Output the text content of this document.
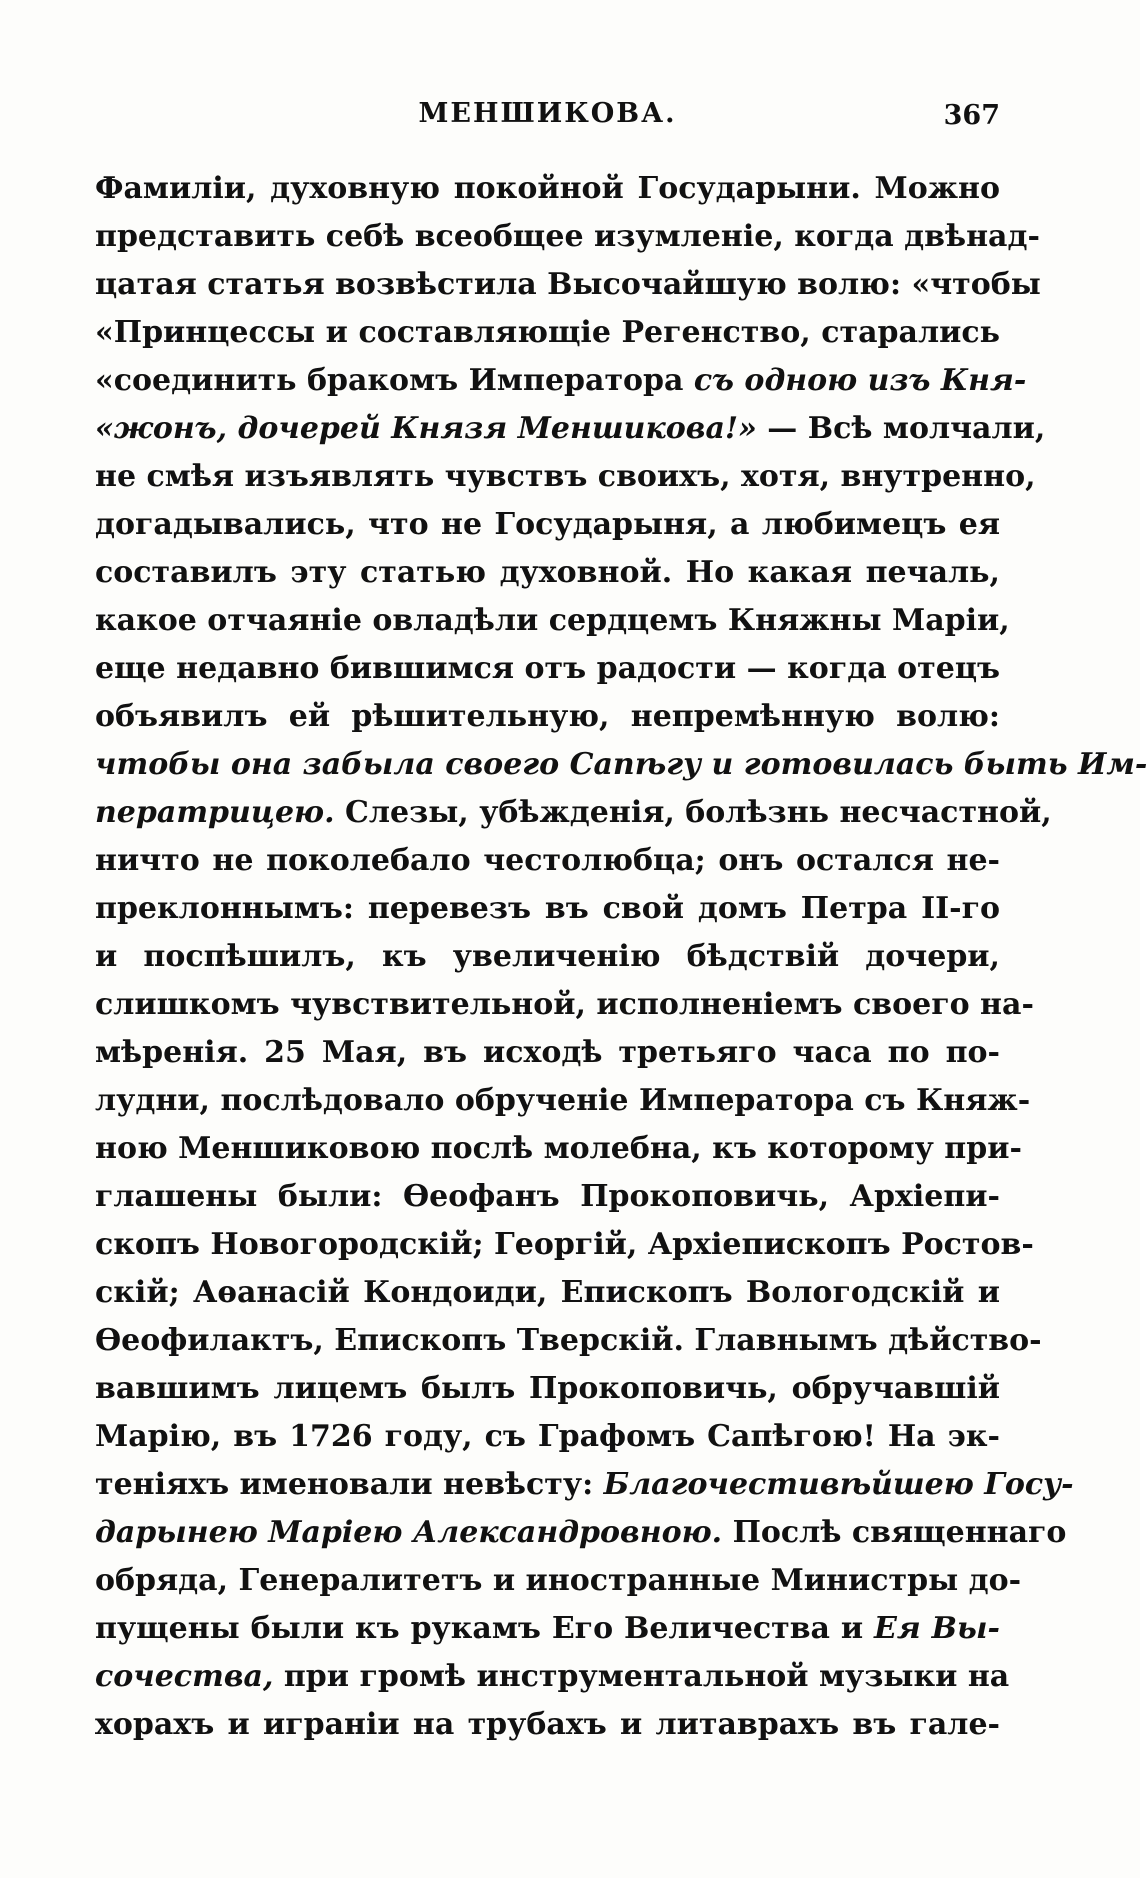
МЕНШИКОВА.	367
Фамиліи, духовную покойной Государыни. Можно
представить себѣ всеобщее изумленіе, когда двѣнад-
цатая статья возвѣстила Высочайшую волю: «чтобы
«Принцессы и составляющіе Регенство, старались
«соединить бракомъ Императора съ одною изъ Кня-
«жонъ, дочерей Князя Меншикова!» — Всѣ молчали,
не смѣя изъявлять чувствъ своихъ, хотя, внутренно,
догадывались, что не Государыня, а любимецъ ея
составилъ эту статью духовной. Но какая печаль,
какое отчаяніе овладѣли сердцемъ Княжны Маріи,
еще недавно бившимся отъ радости — когда отецъ
объявилъ ей рѣшительную, непремѣнную волю:
чтобы она забыла своего Сапѣгу и готовилась быть Им-
ператрицею. Слезы, убѣжденія, болѣзнь несчастной,
ничто не поколебало честолюбца; онъ остался не-
преклоннымъ: перевезъ въ свой домъ Петра II-го
и поспѣшилъ, къ увеличенію бѣдствій дочери,
слишкомъ чувствительной, исполненіемъ своего на-
мѣренія. 25 Мая, въ исходѣ третьяго часа по по-
лудни, послѣдовало обрученіе Императора съ Княж-
ною Меншиковою послѣ молебна, къ которому при-
глашены были: Ѳеофанъ Прокоповичь, Архіепи-
скопъ Новогородскій; Георгій, Архіепископъ Ростов-
скій; Аѳанасій Кондоиди, Епископъ Вологодскій и
Ѳеофилактъ, Епископъ Тверскій. Главнымъ дѣйство-
вавшимъ лицемъ былъ Прокоповичь, обручавшій
Марію, въ 1726 году, съ Графомъ Сапѣгою! На эк-
теніяхъ именовали невѣсту: Благочестивѣйшею Госу-
дарынею Маріею Александровною. Послѣ священнаго
обряда, Генералитетъ и иностранные Министры до-
пущены были къ рукамъ Его Величества и Ея Вы-
сочества, при громѣ инструментальной музыки на
хорахъ и играніи на трубахъ и литаврахъ въ гале-
